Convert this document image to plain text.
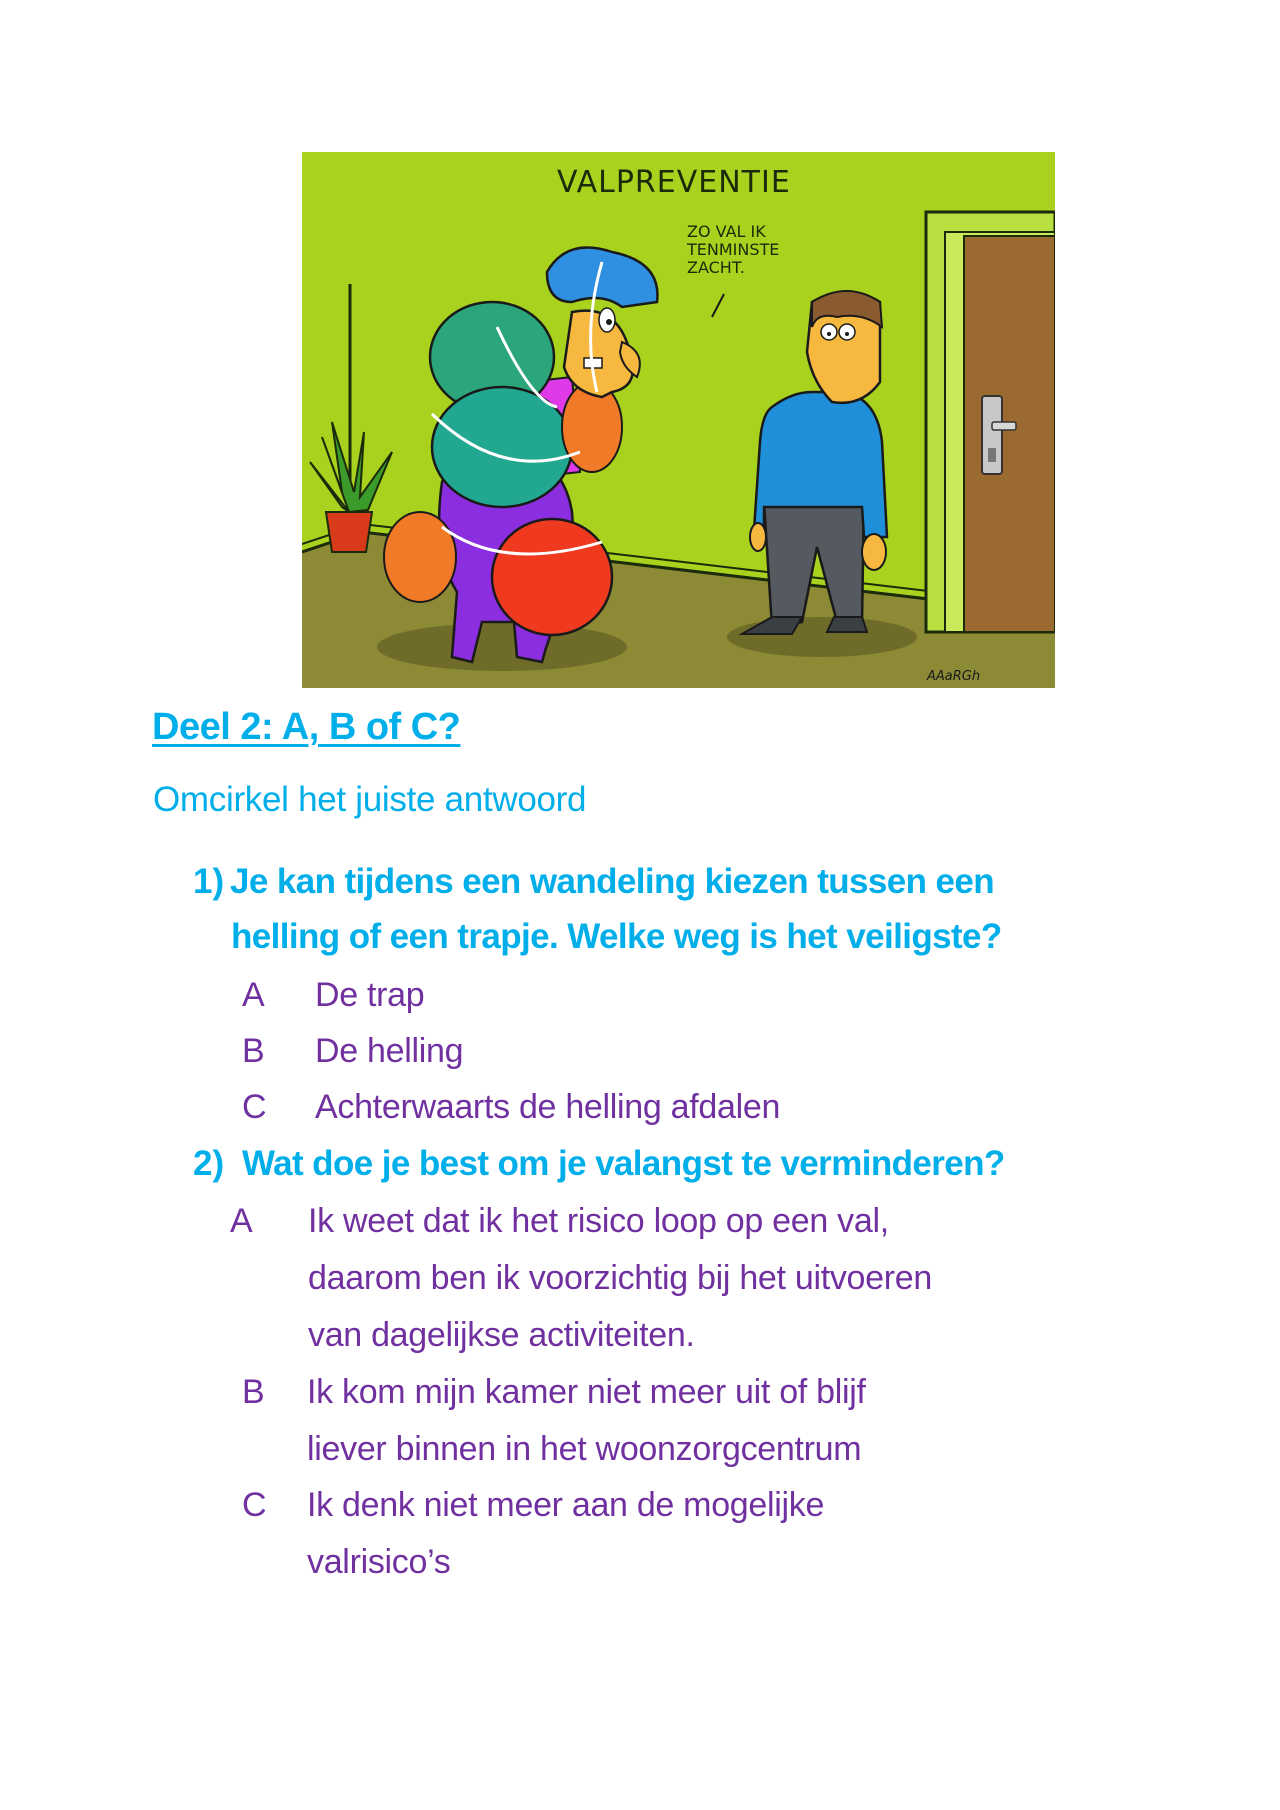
VALPREVENTIE
ZO VAL IK
TENMINSTE
ZACHT.
AAaRGh
Deel 2: A, B of C?
Omcirkel het juiste antwoord
1) Je kan tijdens een wandeling kiezen tussen een
helling of een trapje. Welke weg is het veiligste?
A De trap
B De helling
C Achterwaarts de helling afdalen
2) Wat doe je best om je valangst te verminderen?
A Ik weet dat ik het risico loop op een val,
daarom ben ik voorzichtig bij het uitvoeren
van dagelijkse activiteiten.
B Ik kom mijn kamer niet meer uit of blijf
liever binnen in het woonzorgcentrum
C Ik denk niet meer aan de mogelijke
valrisico’s
